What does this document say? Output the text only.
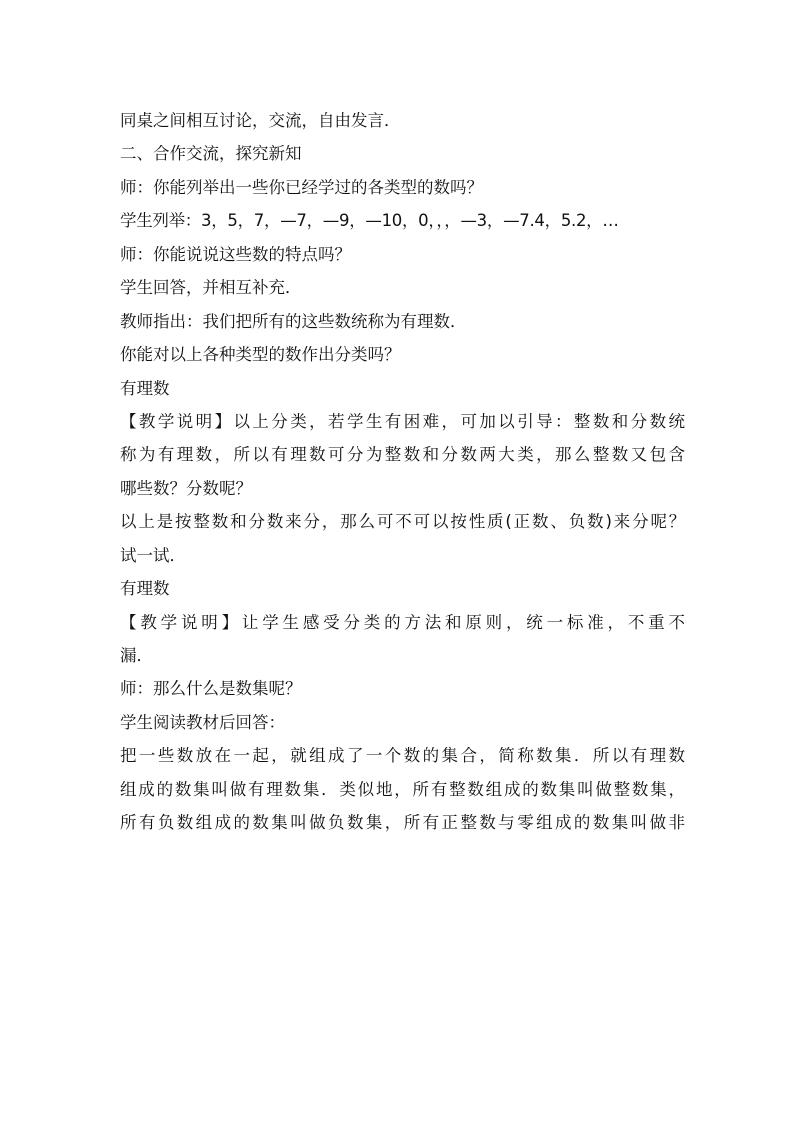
同桌之间相互讨论，交流，自由发言．
二、合作交流，探究新知
师：你能列举出一些你已经学过的各类型的数吗？
学生列举：3，5，7，—7，—9，—10，0，，，—3，—7.4，5.2，…
师：你能说说这些数的特点吗？
学生回答，并相互补充．
教师指出：我们把所有的这些数统称为有理数．
你能对以上各种类型的数作出分类吗？
有理数
【教学说明】以上分类，若学生有困难，可加以引导：整数和分数统
称为有理数，所以有理数可分为整数和分数两大类，那么整数又包含
哪些数？分数呢？
以上是按整数和分数来分，那么可不可以按性质(正数、负数)来分呢？
试一试．
有理数
【教学说明】让学生感受分类的方法和原则，统一标准，不重不
漏．
师：那么什么是数集呢？
学生阅读教材后回答：
把一些数放在一起，就组成了一个数的集合，简称数集．所以有理数
组成的数集叫做有理数集．类似地，所有整数组成的数集叫做整数集，
所有负数组成的数集叫做负数集，所有正整数与零组成的数集叫做非
